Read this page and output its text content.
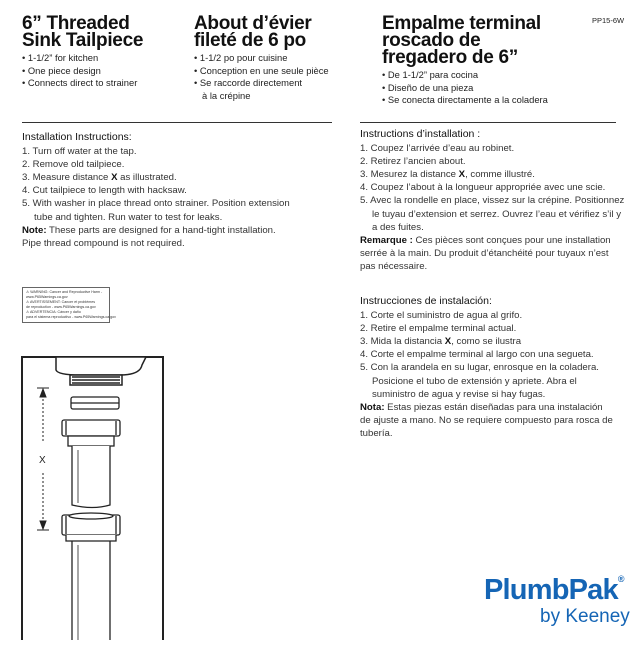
PP15-6W
6” Threaded
Sink Tailpiece
• 1-1/2” for kitchen
• One piece design
• Connects direct to strainer
About d’évier
fileté de 6 po
• 1-1/2 po pour cuisine
• Conception en une seule pièce
• Se raccorde directement
à la crépine
Empalme terminal
roscado de
fregadero de 6”
• De 1-1/2” para cocina
• Diseño de una pieza
• Se conecta directamente a la coladera
Installation Instructions:
1. Turn off water at the tap.
2. Remove old tailpiece.
3. Measure distance X as illustrated.
4. Cut tailpiece to length with hacksaw.
5. With washer in place thread onto strainer. Position extension
tube and tighten. Run water to test for leaks.
Note: These parts are designed for a hand-tight installation.
Pipe thread compound is not required.
Instructions d’installation :
1. Coupez l’arrivée d’eau au robinet.
2. Retirez l’ancien about.
3. Mesurez la distance X, comme illustré.
4. Coupez l’about à la longueur appropriée avec une scie.
5. Avec la rondelle en place, vissez sur la crépine. Positionnez
le tuyau d’extension et serrez. Ouvrez l’eau et vérifiez s’il y
a des fuites.
Remarque : Ces pièces sont conçues pour une installation
serrée à la main. Du produit d’étanchéité pour tuyaux n’est
pas nécessaire.
Instrucciones de instalación:
1. Corte el suministro de agua al grifo.
2. Retire el empalme terminal actual.
3. Mida la distancia X, como se ilustra
4. Corte el empalme terminal al largo con una segueta.
5. Con la arandela en su lugar, enrosque en la coladera.
Posicione el tubo de extensión y apriete. Abra el
suministro de agua y revise si hay fugas.
Nota: Estas piezas están diseñadas para una instalación
de ajuste a mano. No se requiere compuesto para rosca de
tubería.
⚠ WARNING: Cancer and Reproductive Harm -
www.P65Warnings.ca.gov
⚠ AVERTISSEMENT: Cancer et problèmes
de reproduction - www.P65Warnings.ca.gov
⚠ ADVERTENCIA: Cáncer y daño
para el sistema reproductivo - www.P65Warnings.ca.gov
X
PlumbPak®
by Keeney
